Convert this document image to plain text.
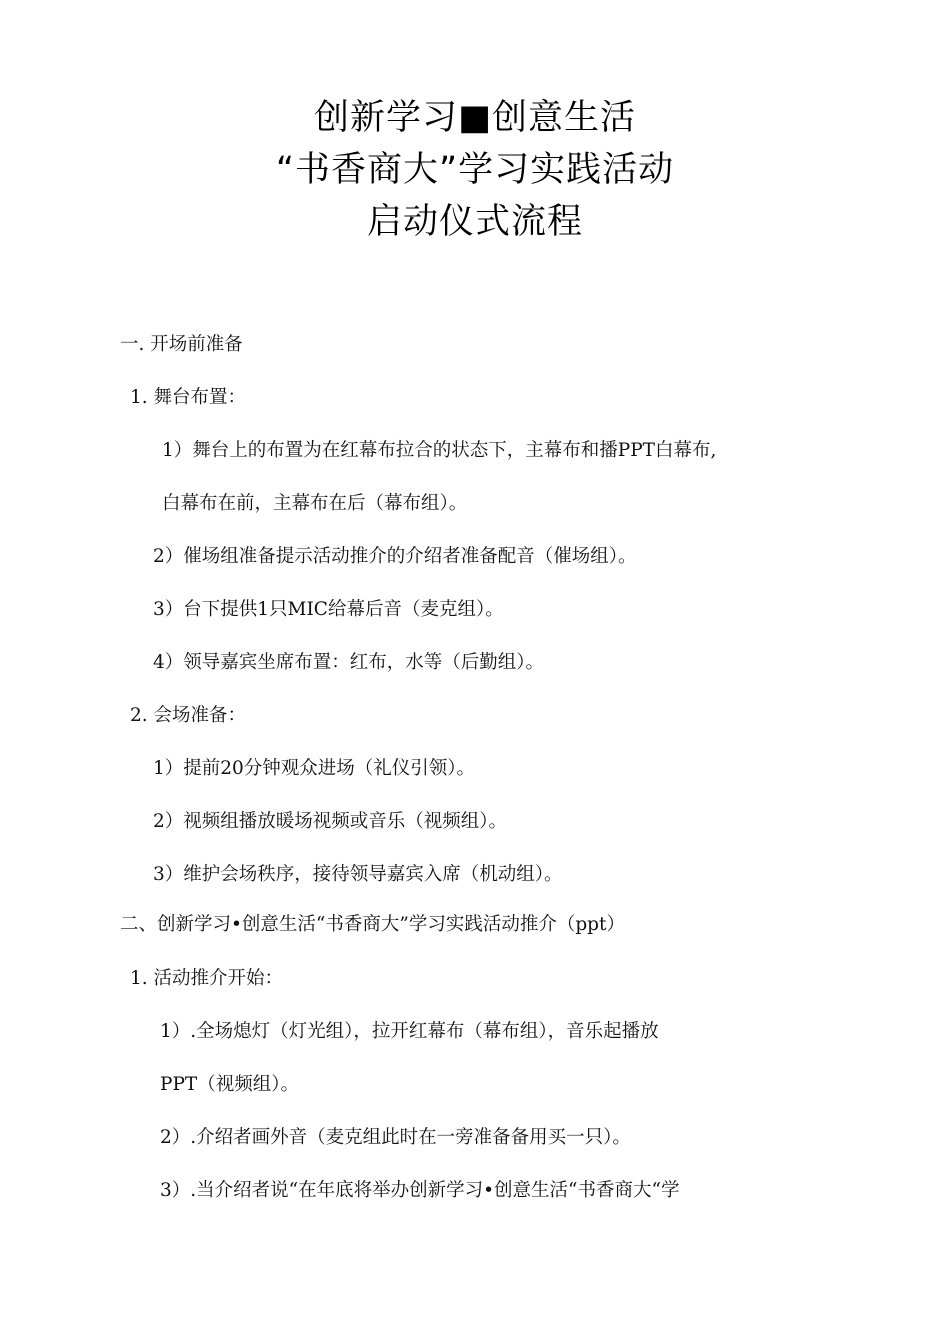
创新学习■创意生活
“书香商大”学习实践活动
启动仪式流程
一. 开场前准备
1. 舞台布置：
1）舞台上的布置为在红幕布拉合的状态下，主幕布和播PPT白幕布,
白幕布在前，主幕布在后（幕布组）。
2）催场组准备提示活动推介的介绍者准备配音（催场组）。
3）台下提供1只MIC给幕后音（麦克组）。
4）领导嘉宾坐席布置：红布，水等（后勤组）。
2. 会场准备：
1）提前20分钟观众进场（礼仪引领）。
2）视频组播放暖场视频或音乐（视频组）。
3）维护会场秩序，接待领导嘉宾入席（机动组）。
二、创新学习•创意生活“书香商大”学习实践活动推介（ppt）
1. 活动推介开始：
1）.全场熄灯（灯光组），拉开红幕布（幕布组），音乐起播放
PPT（视频组）。
2）.介绍者画外音（麦克组此时在一旁准备备用买一只）。
3）.当介绍者说“在年底将举办创新学习•创意生活“书香商大“学
